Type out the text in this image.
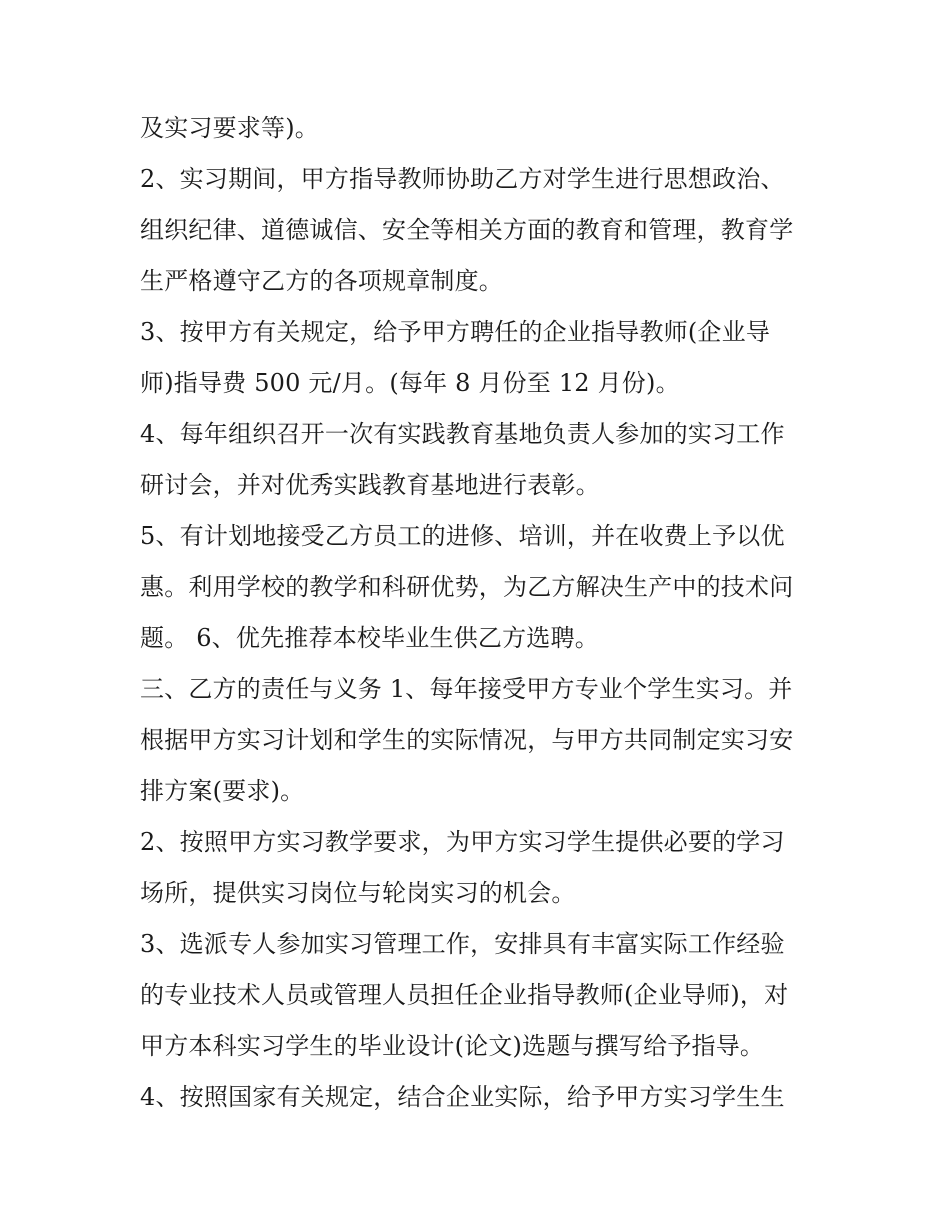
及实习要求等)。
2、实习期间，甲方指导教师协助乙方对学生进行思想政治、
组织纪律、道德诚信、安全等相关方面的教育和管理，教育学
生严格遵守乙方的各项规章制度。
3、按甲方有关规定，给予甲方聘任的企业指导教师(企业导
师)指导费 500 元/月。(每年 8 月份至 12 月份)。
4、每年组织召开一次有实践教育基地负责人参加的实习工作
研讨会，并对优秀实践教育基地进行表彰。
5、有计划地接受乙方员工的进修、培训，并在收费上予以优
惠。利用学校的教学和科研优势，为乙方解决生产中的技术问
题。 6、优先推荐本校毕业生供乙方选聘。
三、乙方的责任与义务 1、每年接受甲方专业个学生实习。并
根据甲方实习计划和学生的实际情况，与甲方共同制定实习安
排方案(要求)。
2、按照甲方实习教学要求，为甲方实习学生提供必要的学习
场所，提供实习岗位与轮岗实习的机会。
3、选派专人参加实习管理工作，安排具有丰富实际工作经验
的专业技术人员或管理人员担任企业指导教师(企业导师)，对
甲方本科实习学生的毕业设计(论文)选题与撰写给予指导。
4、按照国家有关规定，结合企业实际，给予甲方实习学生生
